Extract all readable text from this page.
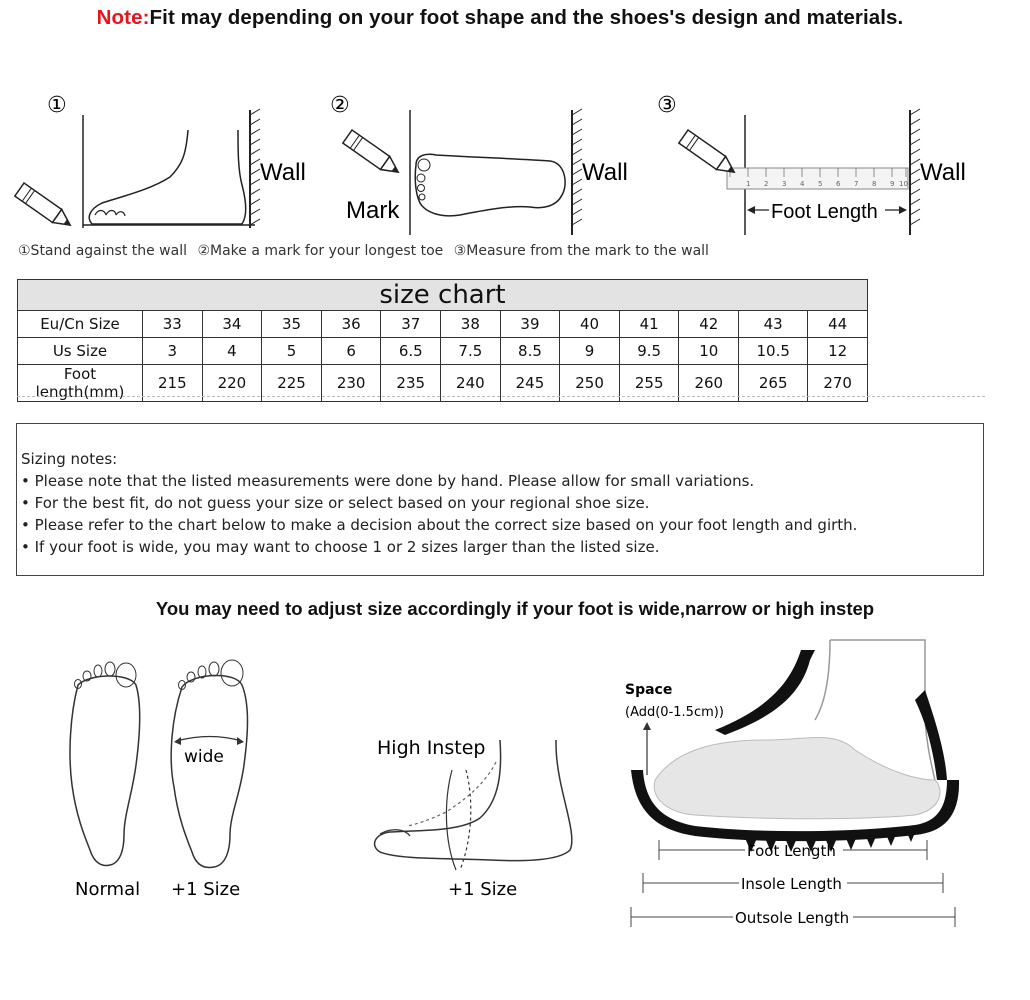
Note:Fit may depending on your foot shape and the shoes's design and materials.
①
Wall
②
Mark
Wall
③
1 2 3 4 5 6 7 8 9 10
Foot Length
Wall
①Stand against the wall ②Make a mark for your longest toe ③Measure from the mark to the wall
size chart												
Eu/Cn Size	33	34	35	36	37	38	39	40	41	42	43	44
Us Size	3	4	5	6	6.5	7.5	8.5	9	9.5	10	10.5	12
Foot length(mm)	215	220	225	230	235	240	245	250	255	260	265	270
Sizing notes:
• Please note that the listed measurements were done by hand. Please allow for small variations.
• For the best fit, do not guess your size or select based on your regional shoe size.
• Please refer to the chart below to make a decision about the correct size based on your foot length and girth.
• If your foot is wide, you may want to choose 1 or 2 sizes larger than the listed size.
You may need to adjust size accordingly if your foot is wide,narrow or high instep
wide
Normal +1 Size
High Instep
+1 Size
Space
(Add(0-1.5cm))
Foot Length
Insole Length
Outsole Length
